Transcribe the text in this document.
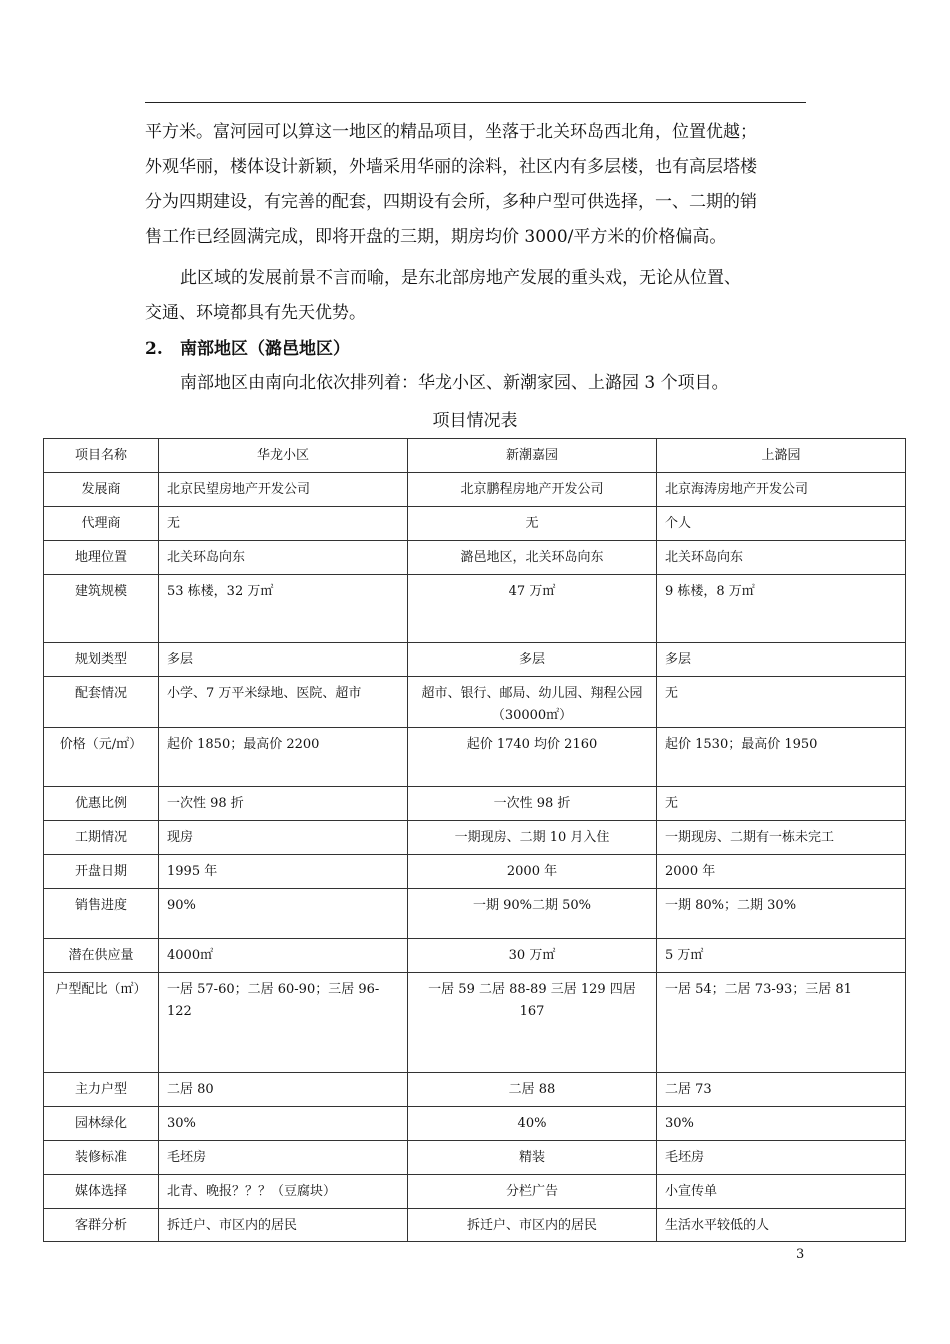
平方米。富河园可以算这一地区的精品项目，坐落于北关环岛西北角，位置优越；
外观华丽，楼体设计新颖，外墙采用华丽的涂料，社区内有多层楼，也有高层塔楼
分为四期建设，有完善的配套，四期设有会所，多种户型可供选择，一、二期的销
售工作已经圆满完成，即将开盘的三期，期房均价 3000/平方米的价格偏高。

此区域的发展前景不言而喻，是东北部房地产发展的重头戏，无论从位置、
交通、环境都具有先天优势。

2. 南部地区（潞邑地区）

南部地区由南向北依次排列着：华龙小区、新潮家园、上潞园 3 个项目。

项目情况表
项目名称	华龙小区	新潮嘉园	上潞园
发展商	北京民望房地产开发公司	北京鹏程房地产开发公司	北京海涛房地产开发公司
代理商	无	无	个人
地理位置	北关环岛向东	潞邑地区，北关环岛向东	北关环岛向东
建筑规模	53 栋楼，32 万㎡	47 万㎡	9 栋楼，8 万㎡
规划类型	多层	多层	多层
配套情况	小学、7 万平米绿地、医院、超市	超市、银行、邮局、幼儿园、翔程公园（30000㎡）	无
价格（元/㎡）	起价 1850；最高价 2200	起价 1740 均价 2160	起价 1530；最高价 1950
优惠比例	一次性 98 折	一次性 98 折	无
工期情况	现房	一期现房、二期 10 月入住	一期现房、二期有一栋未完工
开盘日期	1995 年	2000 年	2000 年
销售进度	90%	一期 90%二期 50%	一期 80%；二期 30%
潜在供应量	4000㎡	30 万㎡	5 万㎡
户型配比（㎡）	一居 57-60；二居 60-90；三居 96-122	一居 59 二居 88-89 三居 129 四居 167	一居 54；二居 73-93；三居 81
主力户型	二居 80	二居 88	二居 73
园林绿化	30%	40%	30%
装修标准	毛坯房	精装	毛坯房
媒体选择	北青、晚报？？？（豆腐块）	分栏广告	小宣传单
客群分析	拆迁户、市区内的居民	拆迁户、市区内的居民	生活水平较低的人
3
